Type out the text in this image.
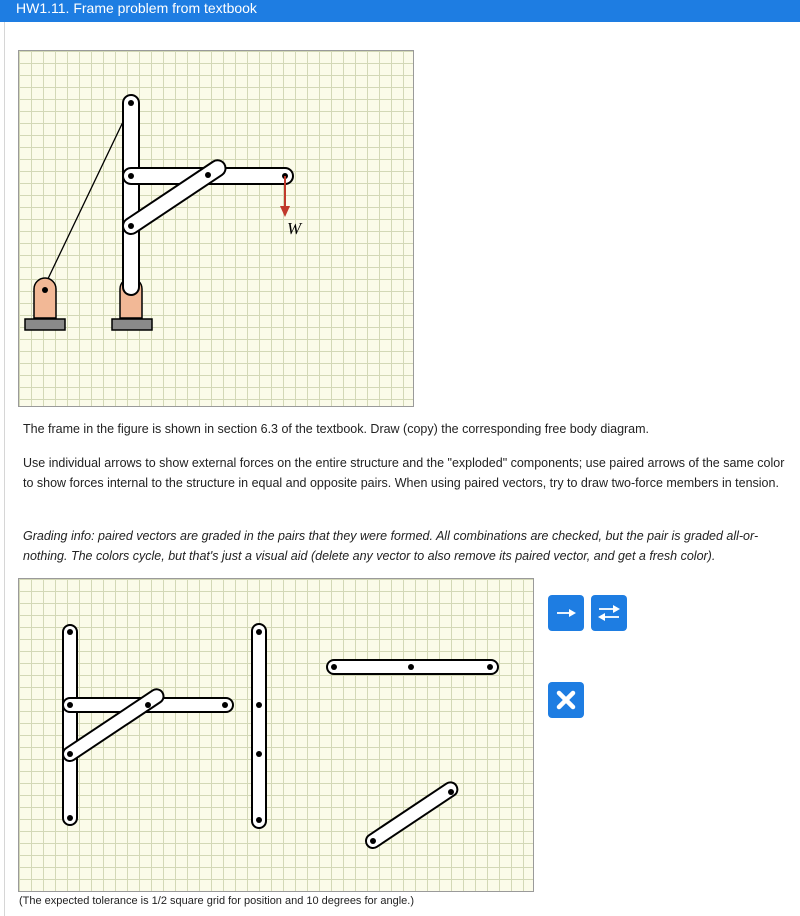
HW1.11. Frame problem from textbook
W

The frame in the figure is shown in section 6.3 of the textbook. Draw (copy) the corresponding free body diagram.

Use individual arrows to show external forces on the entire structure and the "exploded" components; use paired arrows of the same color to show forces internal to the structure in equal and opposite pairs. When using paired vectors, try to draw two-force members in tension.

Grading info: paired vectors are graded in the pairs that they were formed. All combinations are checked, but the pair is graded all-or-nothing. The colors cycle, but that's just a visual aid (delete any vector to also remove its paired vector, and get a fresh color).

(The expected tolerance is 1/2 square grid for position and 10 degrees for angle.)
